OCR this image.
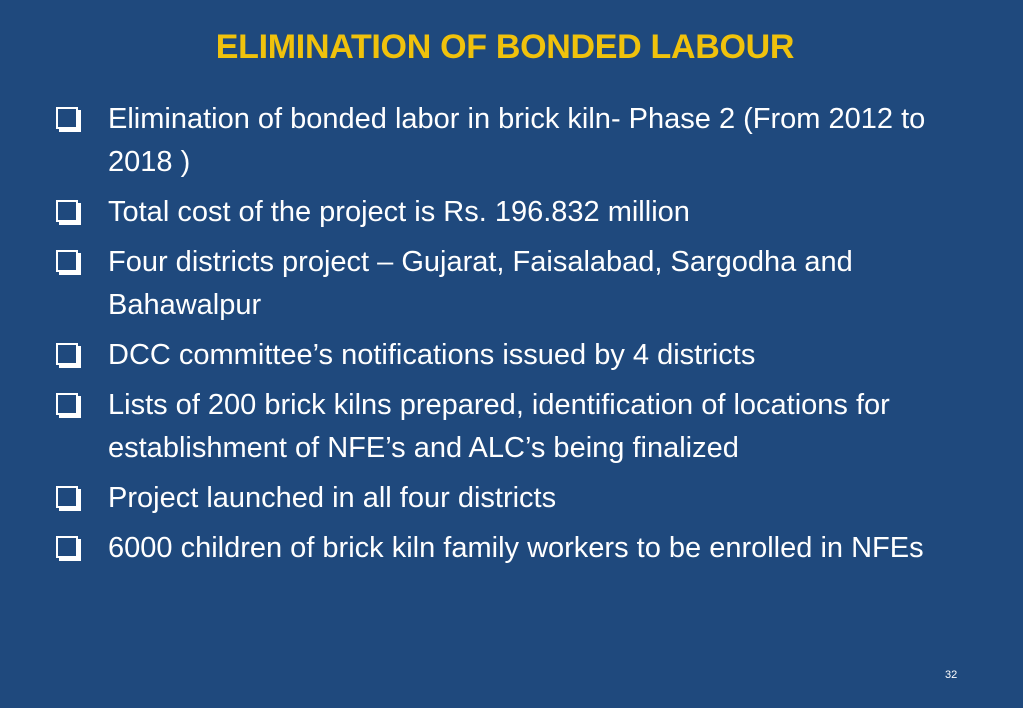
ELIMINATION OF BONDED LABOUR
Elimination of bonded labor in brick kiln- Phase 2 (From 2012 to 2018 )
Total cost of the project is Rs. 196.832 million
Four districts project – Gujarat, Faisalabad, Sargodha and Bahawalpur
DCC committee’s notifications issued by 4 districts
Lists of 200 brick kilns prepared, identification of locations for establishment of NFE’s and ALC’s being finalized
Project launched in all four districts
6000 children of brick kiln family workers to be enrolled in NFEs
32
